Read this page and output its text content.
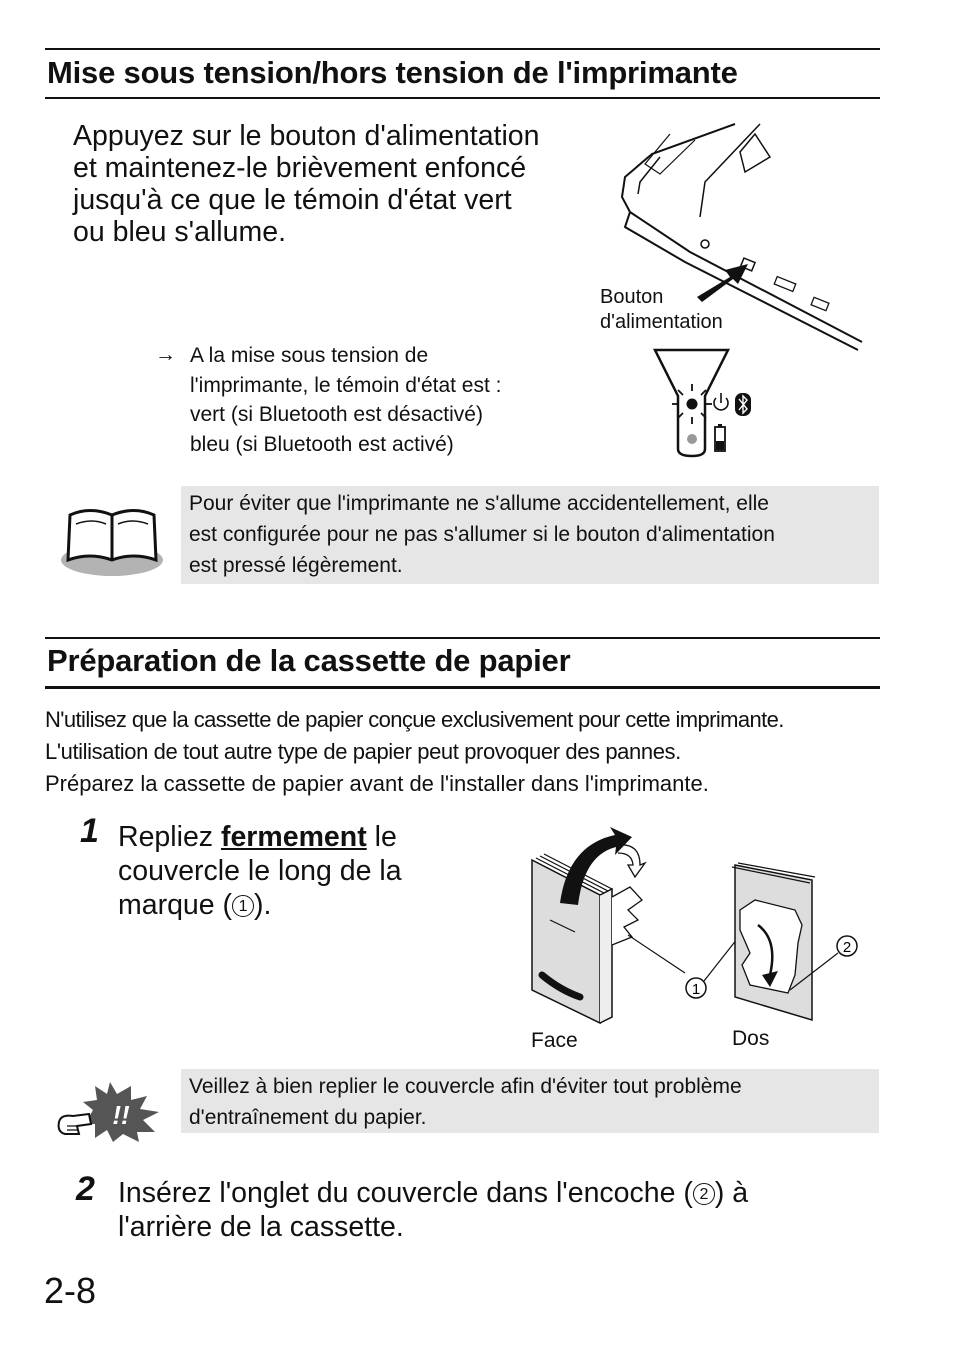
Mise sous tension/hors tension de l'imprimante
Appuyez sur le bouton d'alimentation
et maintenez-le brièvement enfoncé
jusqu'à ce que le témoin d'état vert
ou bleu s'allume.
Bouton
d'alimentation
→ A la mise sous tension de
l'imprimante, le témoin d'état est :
vert (si Bluetooth est désactivé)
bleu (si Bluetooth est activé)
Pour éviter que l'imprimante ne s'allume accidentellement, elle
est configurée pour ne pas s'allumer si le bouton d'alimentation
est pressé légèrement.
Préparation de la cassette de papier
N'utilisez que la cassette de papier conçue exclusivement pour cette imprimante.
L'utilisation de tout autre type de papier peut provoquer des pannes.
Préparez la cassette de papier avant de l'installer dans l'imprimante.
1 Repliez fermement le
couvercle le long de la
marque ( 1 ).
1
2
Face	Dos
!!
Veillez à bien replier le couvercle afin d'éviter tout problème
d'entraînement du papier.
2 Insérez l'onglet du couvercle dans l'encoche ( 2 ) à
l'arrière de la cassette.
2-8
